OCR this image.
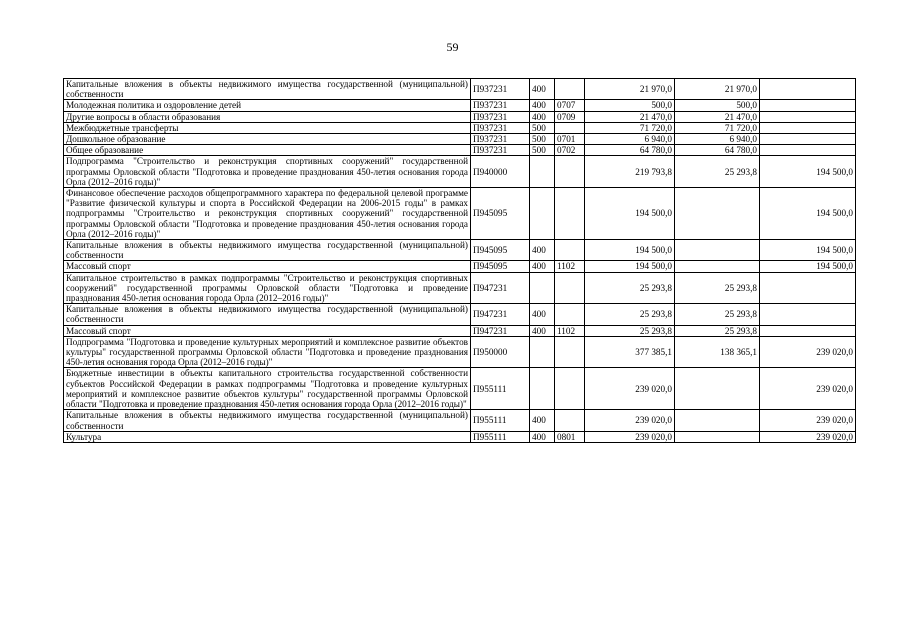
59
Капитальные вложения в объекты недвижимого имущества государственной (муниципальной) собственности	П937231	400		21 970,0	21 970,0	
Молодежная политика и оздоровление детей	П937231	400	0707	500,0	500,0	
Другие вопросы в области образования	П937231	400	0709	21 470,0	21 470,0	
Межбюджетные трансферты	П937231	500		71 720,0	71 720,0	
Дошкольное образование	П937231	500	0701	6 940,0	6 940,0	
Общее образование	П937231	500	0702	64 780,0	64 780,0	
Подпрограмма "Строительство и реконструкция спортивных сооружений" государственной программы Орловской области "Подготовка и проведение празднования 450-летия основания города Орла (2012–2016 годы)"	П940000			219 793,8	25 293,8	194 500,0
Финансовое обеспечение расходов общепрограммного характера по федеральной целевой программе "Развитие физической культуры и спорта в Российской Федерации на 2006-2015 годы" в рамках подпрограммы "Строительство и реконструкция спортивных сооружений" государственной программы Орловской области "Подготовка и проведение празднования 450-летия основания города Орла (2012–2016 годы)"	П945095			194 500,0		194 500,0
Капитальные вложения в объекты недвижимого имущества государственной (муниципальной) собственности	П945095	400		194 500,0		194 500,0
Массовый спорт	П945095	400	1102	194 500,0		194 500,0
Капитальное строительство в рамках подпрограммы "Строительство и реконструкция спортивных сооружений" государственной программы Орловской области "Подготовка и проведение празднования 450-летия основания города Орла (2012–2016 годы)"	П947231			25 293,8	25 293,8	
Капитальные вложения в объекты недвижимого имущества государственной (муниципальной) собственности	П947231	400		25 293,8	25 293,8	
Массовый спорт	П947231	400	1102	25 293,8	25 293,8	
Подпрограмма "Подготовка и проведение культурных мероприятий и комплексное развитие объектов культуры" государственной программы Орловской области "Подготовка и проведение празднования 450-летия основания города Орла (2012–2016 годы)"	П950000			377 385,1	138 365,1	239 020,0
Бюджетные инвестиции в объекты капитального строительства государственной собственности субъектов Российской Федерации в рамках подпрограммы "Подготовка и проведение культурных мероприятий и комплексное развитие объектов культуры" государственной программы Орловской области "Подготовка и проведение празднования 450-летия основания города Орла (2012–2016 годы)"	П955111			239 020,0		239 020,0
Капитальные вложения в объекты недвижимого имущества государственной (муниципальной) собственности	П955111	400		239 020,0		239 020,0
Культура	П955111	400	0801	239 020,0		239 020,0
